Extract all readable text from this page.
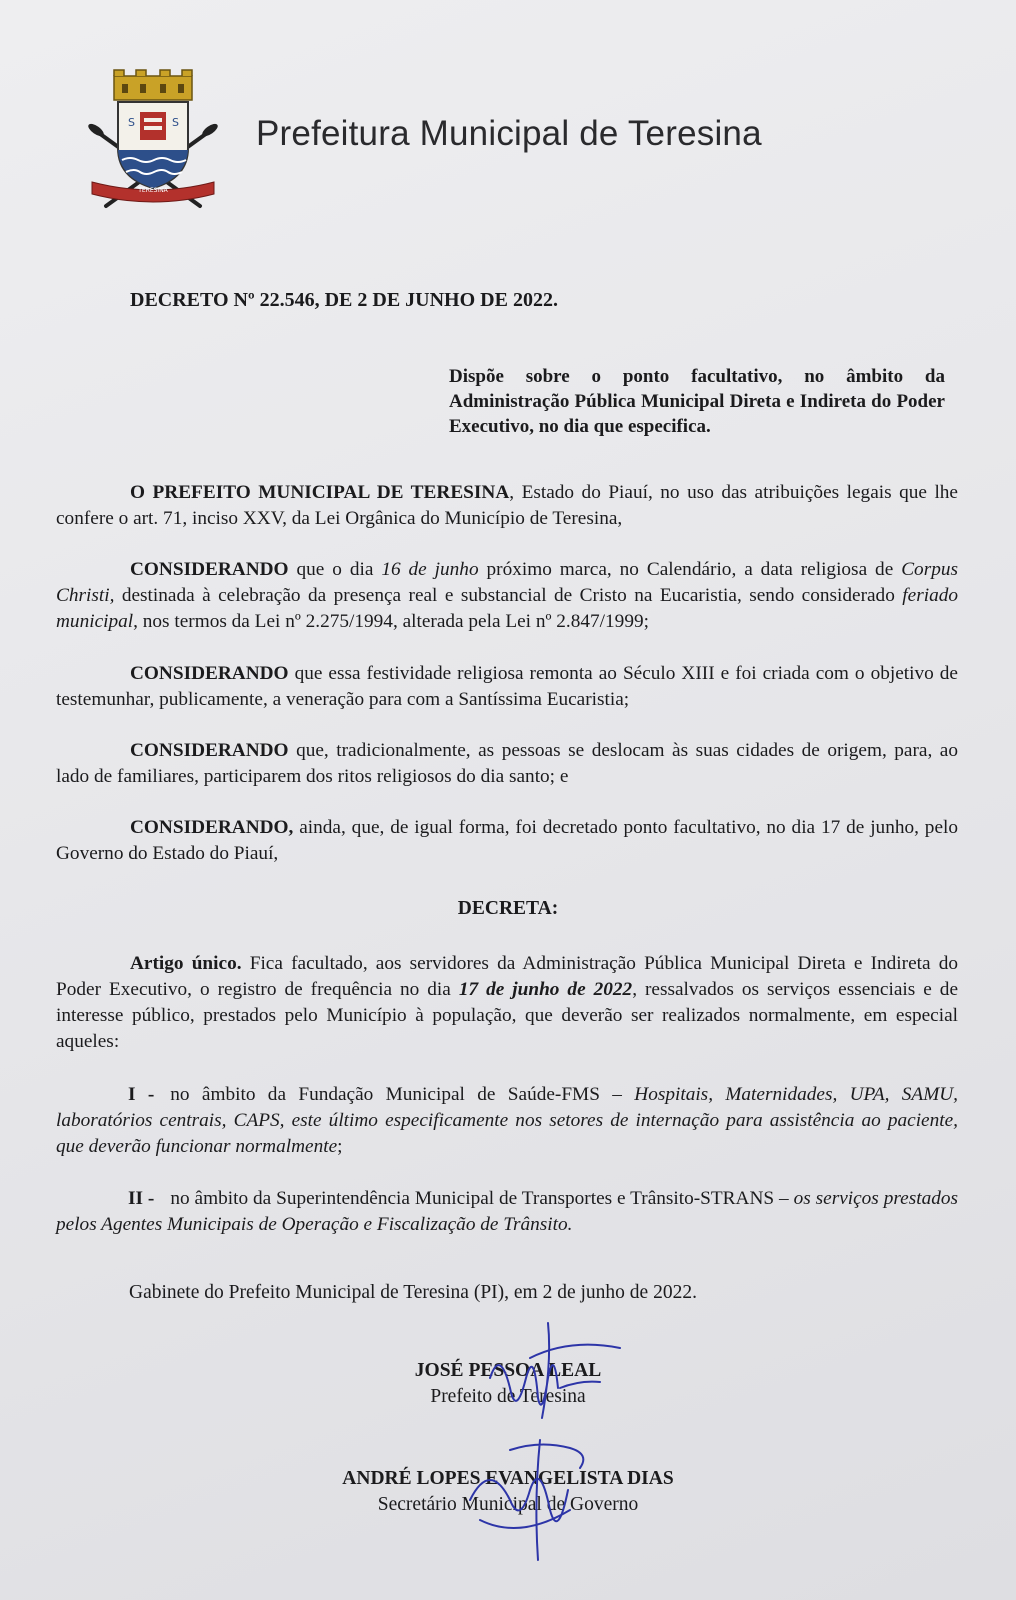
S	S
TERESINA
Prefeitura Municipal de Teresina
DECRETO Nº 22.546, DE 2 DE JUNHO DE 2022.
Dispõe sobre o ponto facultativo, no âmbito da Administração Pública Municipal Direta e Indireta do Poder Executivo, no dia que especifica.

O PREFEITO MUNICIPAL DE TERESINA, Estado do Piauí, no uso das atribuições legais que lhe confere o art. 71, inciso XXV, da Lei Orgânica do Município de Teresina,

CONSIDERANDO que o dia 16 de junho próximo marca, no Calendário, a data religiosa de Corpus Christi, destinada à celebração da presença real e substancial de Cristo na Eucaristia, sendo considerado feriado municipal, nos termos da Lei nº 2.275/1994, alterada pela Lei nº 2.847/1999;

CONSIDERANDO que essa festividade religiosa remonta ao Século XIII e foi criada com o objetivo de testemunhar, publicamente, a veneração para com a Santíssima Eucaristia;

CONSIDERANDO que, tradicionalmente, as pessoas se deslocam às suas cidades de origem, para, ao lado de familiares, participarem dos ritos religiosos do dia santo; e

CONSIDERANDO, ainda, que, de igual forma, foi decretado ponto facultativo, no dia 17 de junho, pelo Governo do Estado do Piauí,

DECRETA:

Artigo único. Fica facultado, aos servidores da Administração Pública Municipal Direta e Indireta do Poder Executivo, o registro de frequência no dia 17 de junho de 2022, ressalvados os serviços essenciais e de interesse público, prestados pelo Município à população, que deverão ser realizados normalmente, em especial aqueles:

I - no âmbito da Fundação Municipal de Saúde-FMS – Hospitais, Maternidades, UPA, SAMU, laboratórios centrais, CAPS, este último especificamente nos setores de internação para assistência ao paciente, que deverão funcionar normalmente;

II - no âmbito da Superintendência Municipal de Transportes e Trânsito-STRANS – os serviços prestados pelos Agentes Municipais de Operação e Fiscalização de Trânsito.

Gabinete do Prefeito Municipal de Teresina (PI), em 2 de junho de 2022.
JOSÉ PESSOA LEAL
Prefeito de Teresina
ANDRÉ LOPES EVANGELISTA DIAS
Secretário Municipal de Governo
